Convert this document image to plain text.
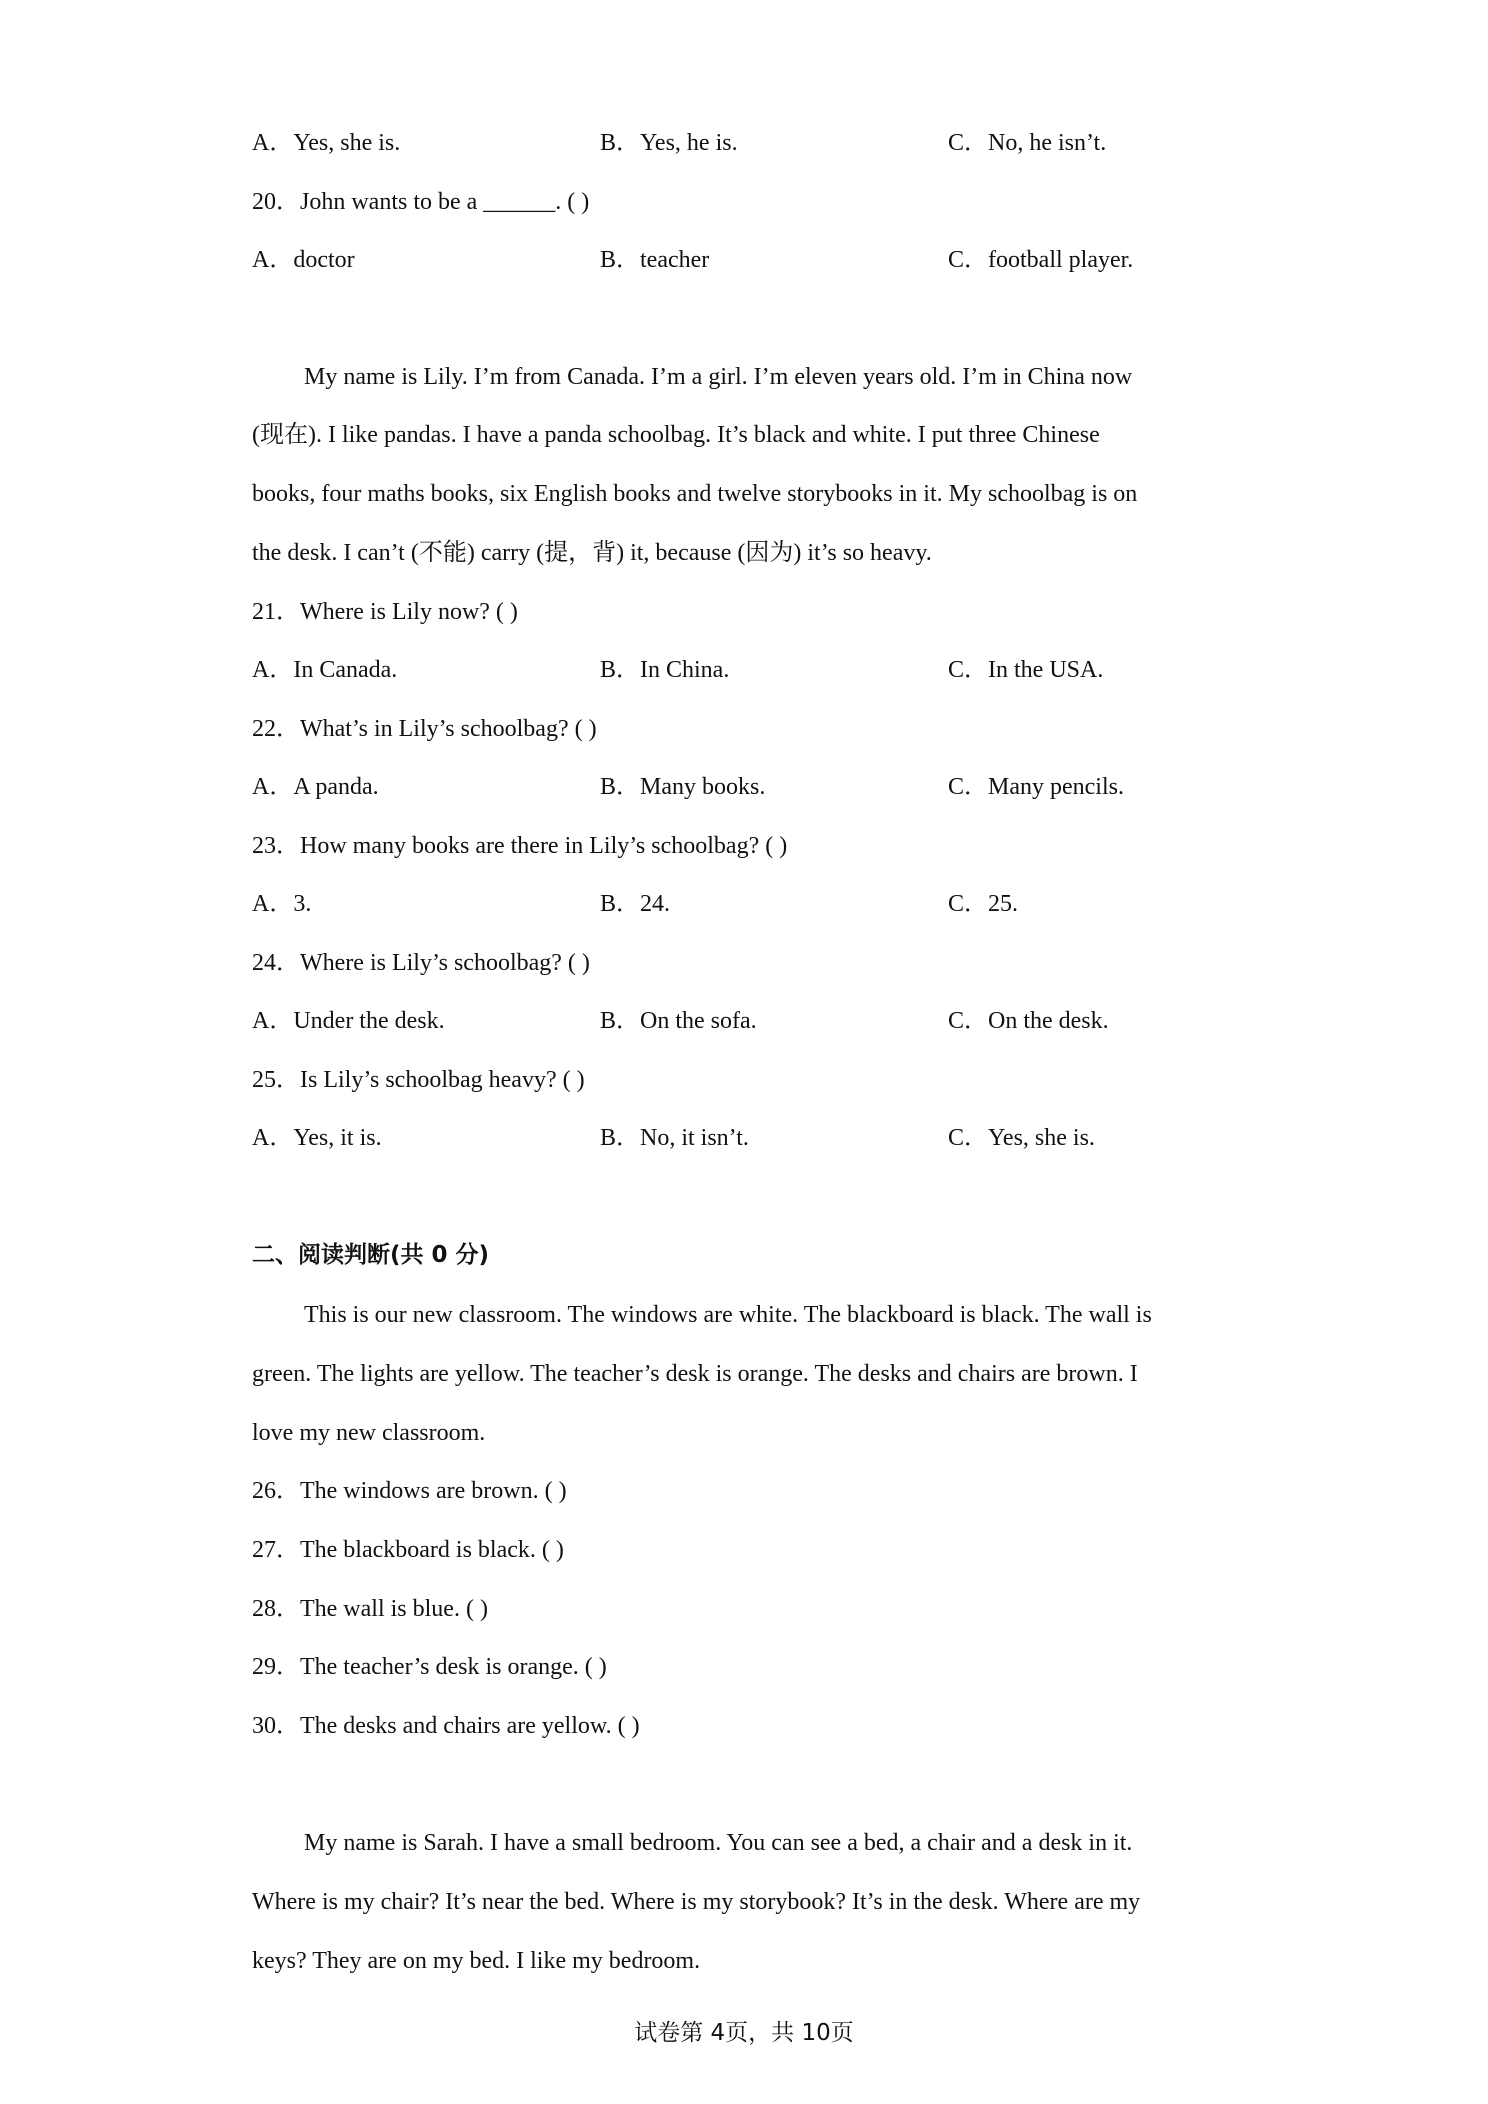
A．Yes, she is.	B．Yes, he is.	C．No, he isn’t.
20．John wants to be a ______. ( )
A．doctor	B．teacher	C．football player.
My name is Lily. I’m from Canada. I’m a girl. I’m eleven years old. I’m in China now
(现在). I like pandas. I have a panda schoolbag. It’s black and white. I put three Chinese
books, four maths books, six English books and twelve storybooks in it. My schoolbag is on
the desk. I can’t (不能) carry (提，背) it, because (因为) it’s so heavy.
21．Where is Lily now? ( )
A．In Canada.	B．In China.	C．In the USA.
22．What’s in Lily’s schoolbag? ( )
A．A panda.	B．Many books.	C．Many pencils.
23．How many books are there in Lily’s schoolbag? ( )
A．3.	B．24.	C．25.
24．Where is Lily’s schoolbag? ( )
A．Under the desk.	B．On the sofa.	C．On the desk.
25．Is Lily’s schoolbag heavy? ( )
A．Yes, it is.	B．No, it isn’t.	C．Yes, she is.
二、阅读判断(共 0 分)
This is our new classroom. The windows are white. The blackboard is black. The wall is
green. The lights are yellow. The teacher’s desk is orange. The desks and chairs are brown. I
love my new classroom.
26．The windows are brown. ( )
27．The blackboard is black. ( )
28．The wall is blue. ( )
29．The teacher’s desk is orange. ( )
30．The desks and chairs are yellow. ( )
My name is Sarah. I have a small bedroom. You can see a bed, a chair and a desk in it.
Where is my chair? It’s near the bed. Where is my storybook? It’s in the desk. Where are my
keys? They are on my bed. I like my bedroom.
试卷第 4页，共 10页
